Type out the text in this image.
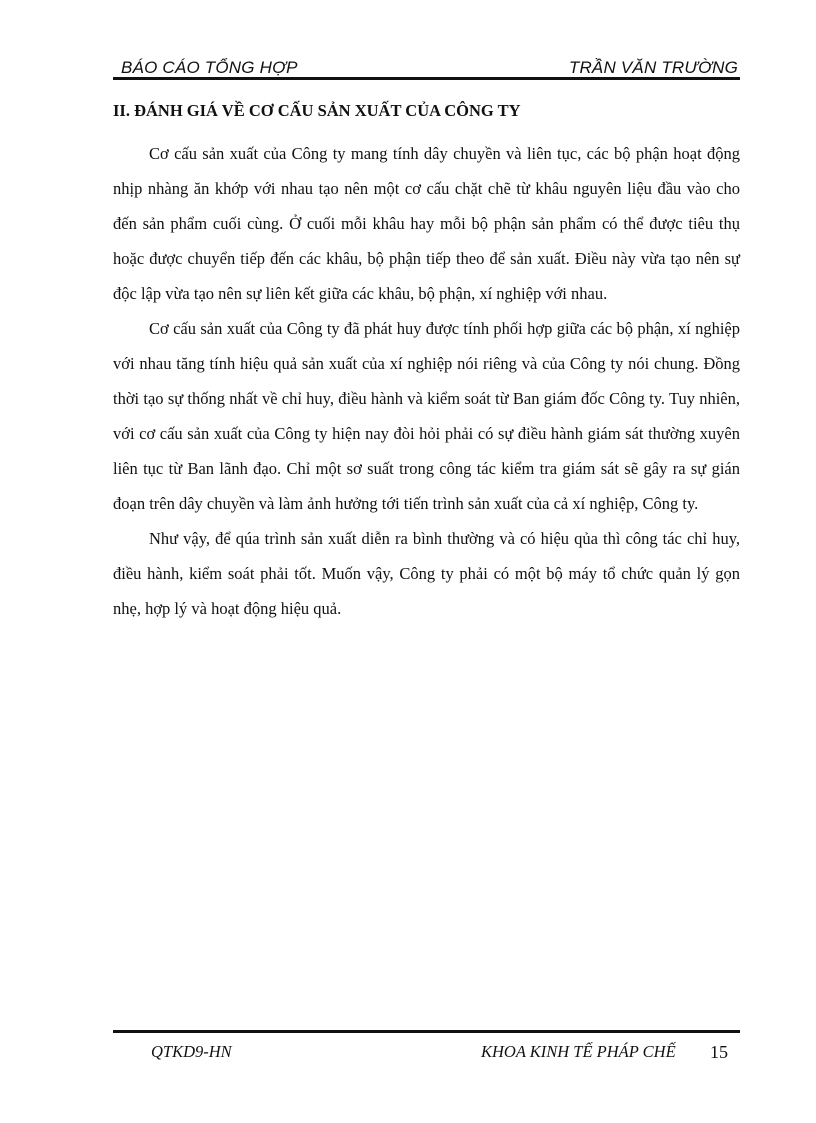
BÁO CÁO TỔNG HỢP	TRẦN VĂN TRƯỜNG
II. ĐÁNH GIÁ VỀ CƠ CẤU SẢN XUẤT CỦA CÔNG TY

Cơ cấu sản xuất của Công ty mang tính dây chuyền và liên tục, các bộ phận hoạt động nhịp nhàng ăn khớp với nhau tạo nên một cơ cấu chặt chẽ từ khâu nguyên liệu đầu vào cho đến sản phẩm cuối cùng. Ở cuối mỗi khâu hay mỗi bộ phận sản phẩm có thể được tiêu thụ hoặc được chuyển tiếp đến các khâu, bộ phận tiếp theo để sản xuất. Điều này vừa tạo nên sự độc lập vừa tạo nên sự liên kết giữa các khâu, bộ phận, xí nghiệp với nhau.

Cơ cấu sản xuất của Công ty đã phát huy được tính phối hợp giữa các bộ phận, xí nghiệp với nhau tăng tính hiệu quả sản xuất của xí nghiệp nói riêng và của Công ty nói chung. Đồng thời tạo sự thống nhất về chỉ huy, điều hành và kiểm soát từ Ban giám đốc Công ty. Tuy nhiên, với cơ cấu sản xuất của Công ty hiện nay đòi hỏi phải có sự điều hành giám sát thường xuyên liên tục từ Ban lãnh đạo. Chỉ một sơ suất trong công tác kiểm tra giám sát sẽ gây ra sự gián đoạn trên dây chuyền và làm ảnh hưởng tới tiến trình sản xuất của cả xí nghiệp, Công ty.

Như vậy, để qúa trình sản xuất diễn ra bình thường và có hiệu qủa thì công tác chỉ huy, điều hành, kiểm soát phải tốt. Muốn vậy, Công ty phải có một bộ máy tổ chức quản lý gọn nhẹ, hợp lý và hoạt động hiệu quả.

QTKD9-HN	KHOA KINH TẾ PHÁP CHẾ 15
